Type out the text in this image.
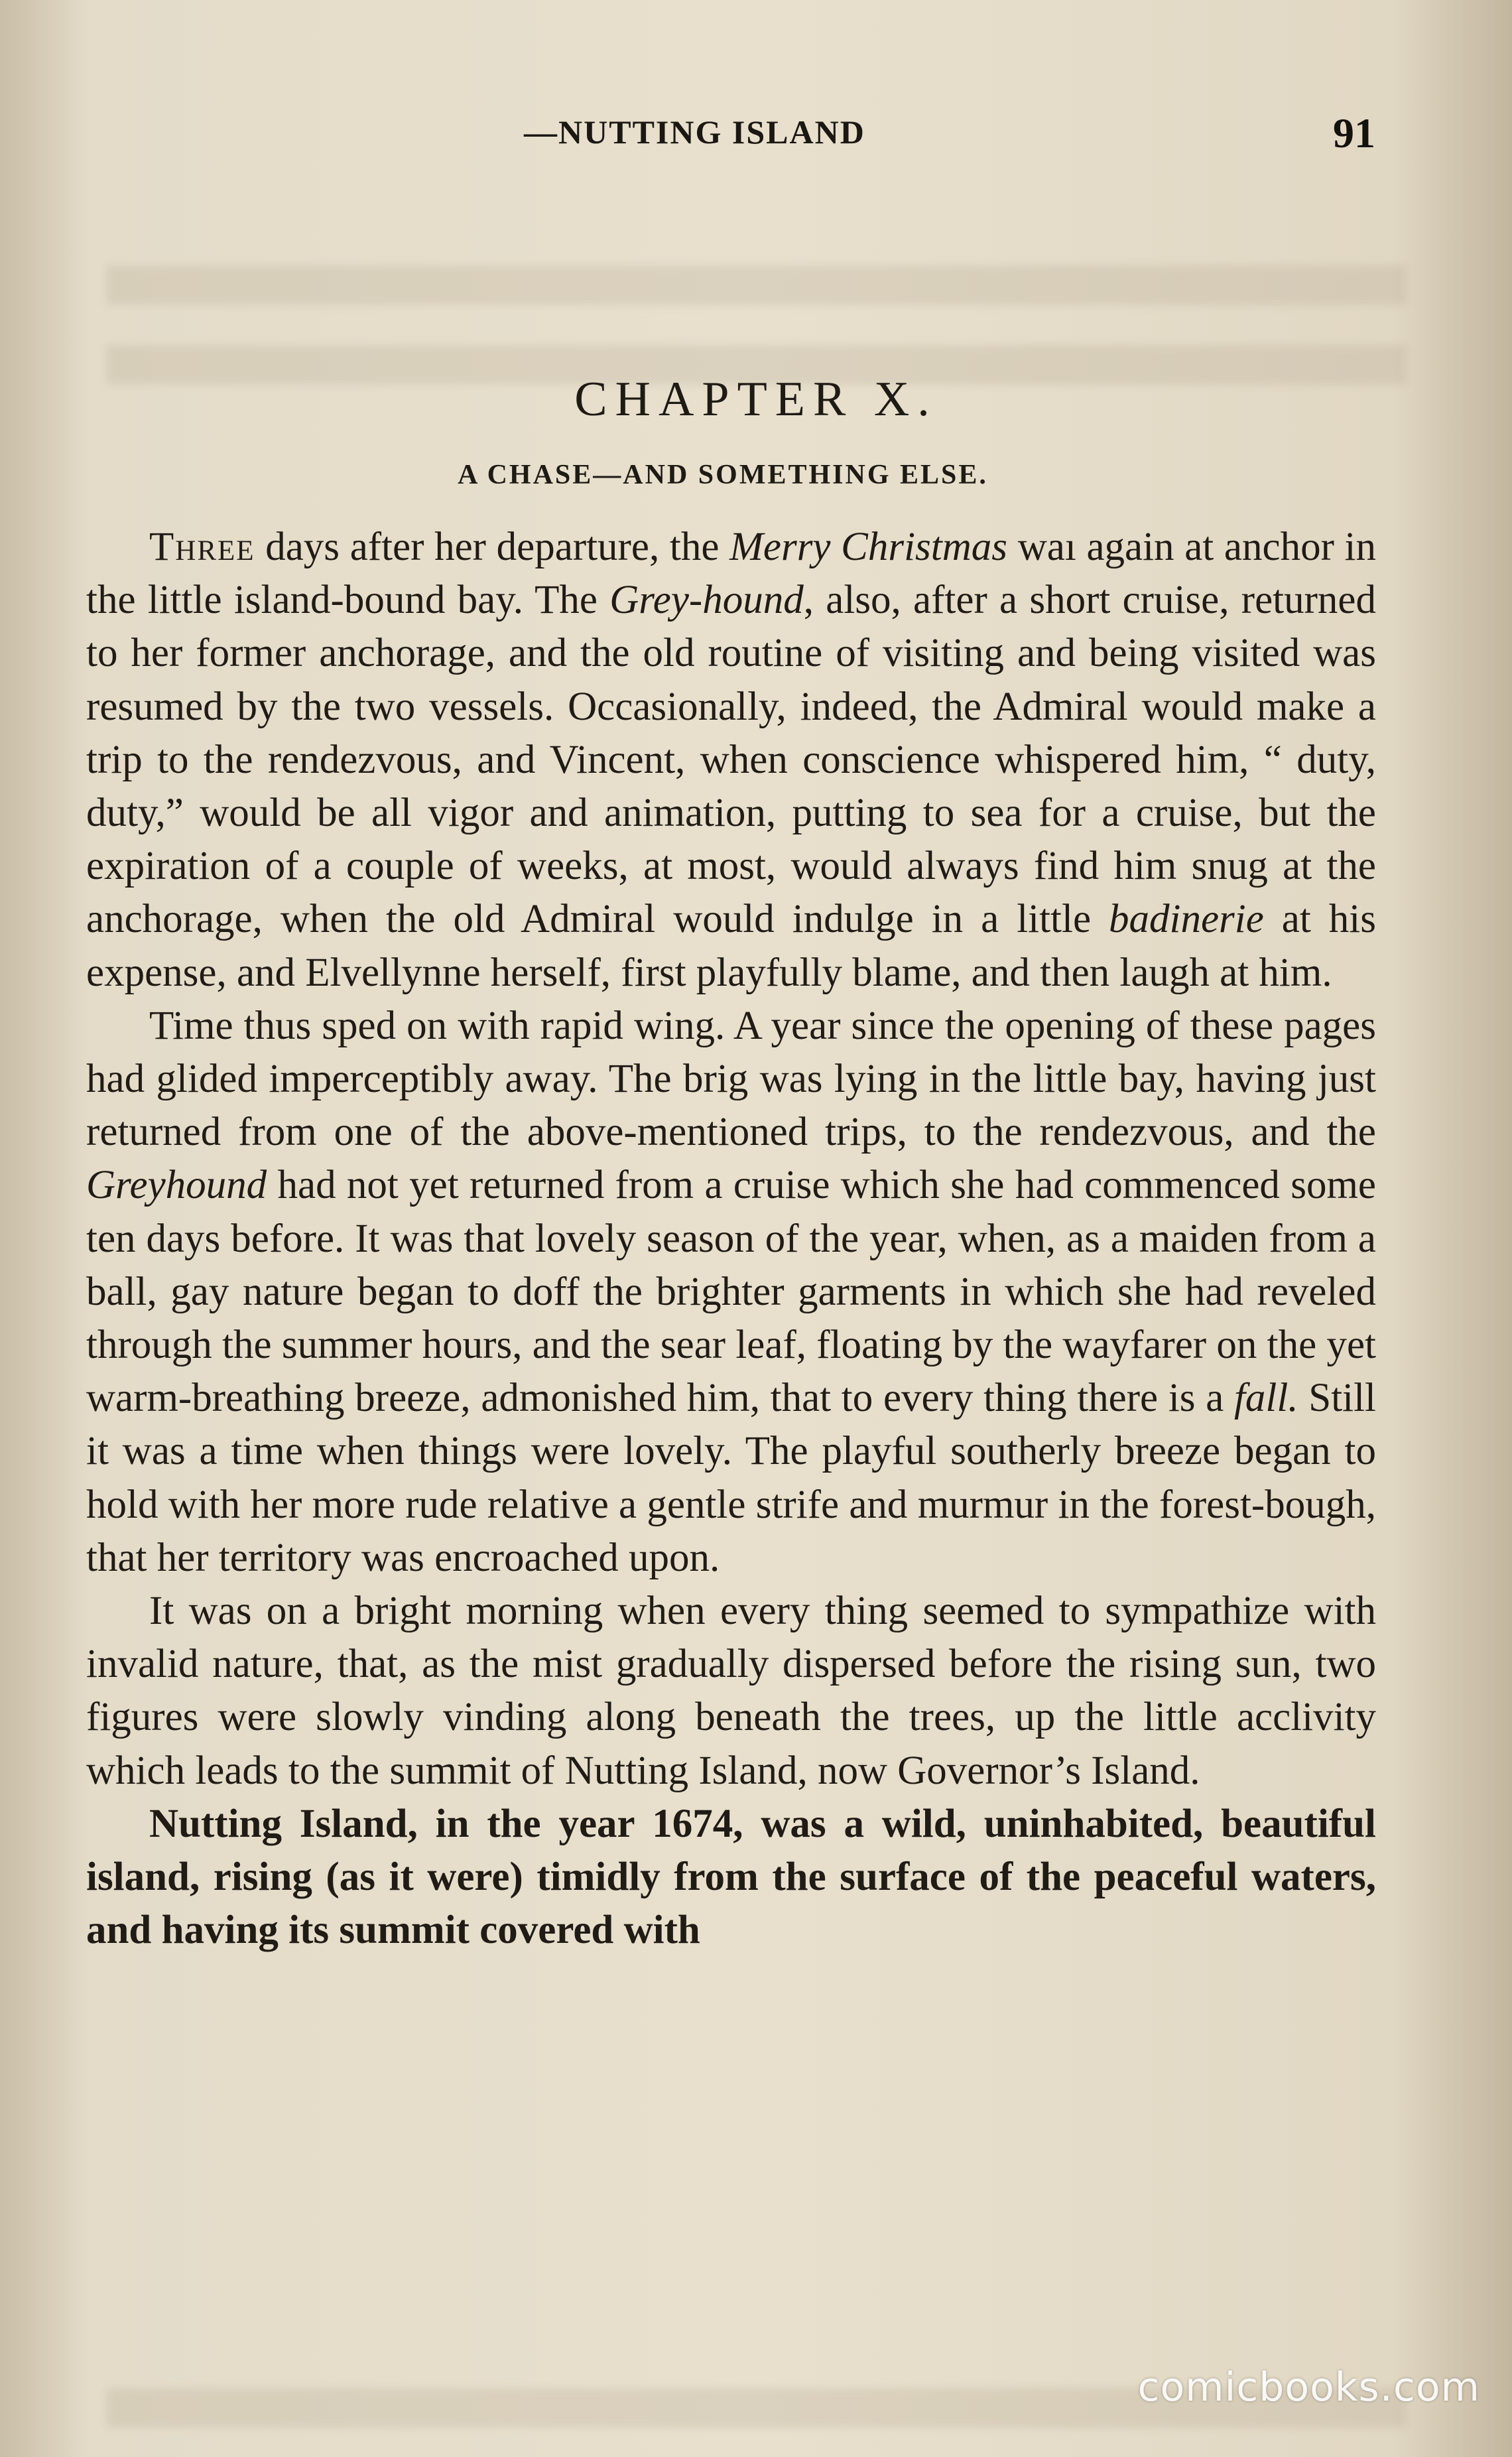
—NUTTING ISLAND	91
CHAPTER X.
A CHASE—AND SOMETHING ELSE.

Three days after her departure, the Merry Christmas waı again at anchor in the little island-bound bay. The Grey-hound, also, after a short cruise, returned to her former anchorage, and the old routine of visiting and being visited was resumed by the two vessels. Occasionally, indeed, the Admiral would make a trip to the rendezvous, and Vincent, when conscience whispered him, “ duty, duty,” would be all vigor and animation, putting to sea for a cruise, but the expiration of a couple of weeks, at most, would always find him snug at the anchorage, when the old Admiral would indulge in a little badinerie at his expense, and Elvellynne herself, first playfully blame, and then laugh at him.

Time thus sped on with rapid wing. A year since the opening of these pages had glided imperceptibly away. The brig was lying in the little bay, having just returned from one of the above-mentioned trips, to the rendezvous, and the Greyhound had not yet returned from a cruise which she had commenced some ten days before. It was that lovely season of the year, when, as a maiden from a ball, gay nature began to doff the brighter garments in which she had reveled through the summer hours, and the sear leaf, floating by the wayfarer on the yet warm-breathing breeze, admonished him, that to every thing there is a fall. Still it was a time when things were lovely. The playful southerly breeze began to hold with her more rude relative a gentle strife and murmur in the forest-bough, that her territory was encroached upon.

It was on a bright morning when every thing seemed to sympathize with invalid nature, that, as the mist gradually dispersed before the rising sun, two figures were slowly vinding along beneath the trees, up the little acclivity which leads to the summit of Nutting Island, now Governor’s Island.

Nutting Island, in the year 1674, was a wild, uninhabited, beautiful island, rising (as it were) timidly from the surface of the peaceful waters, and having its summit covered with

comicbooks.com
